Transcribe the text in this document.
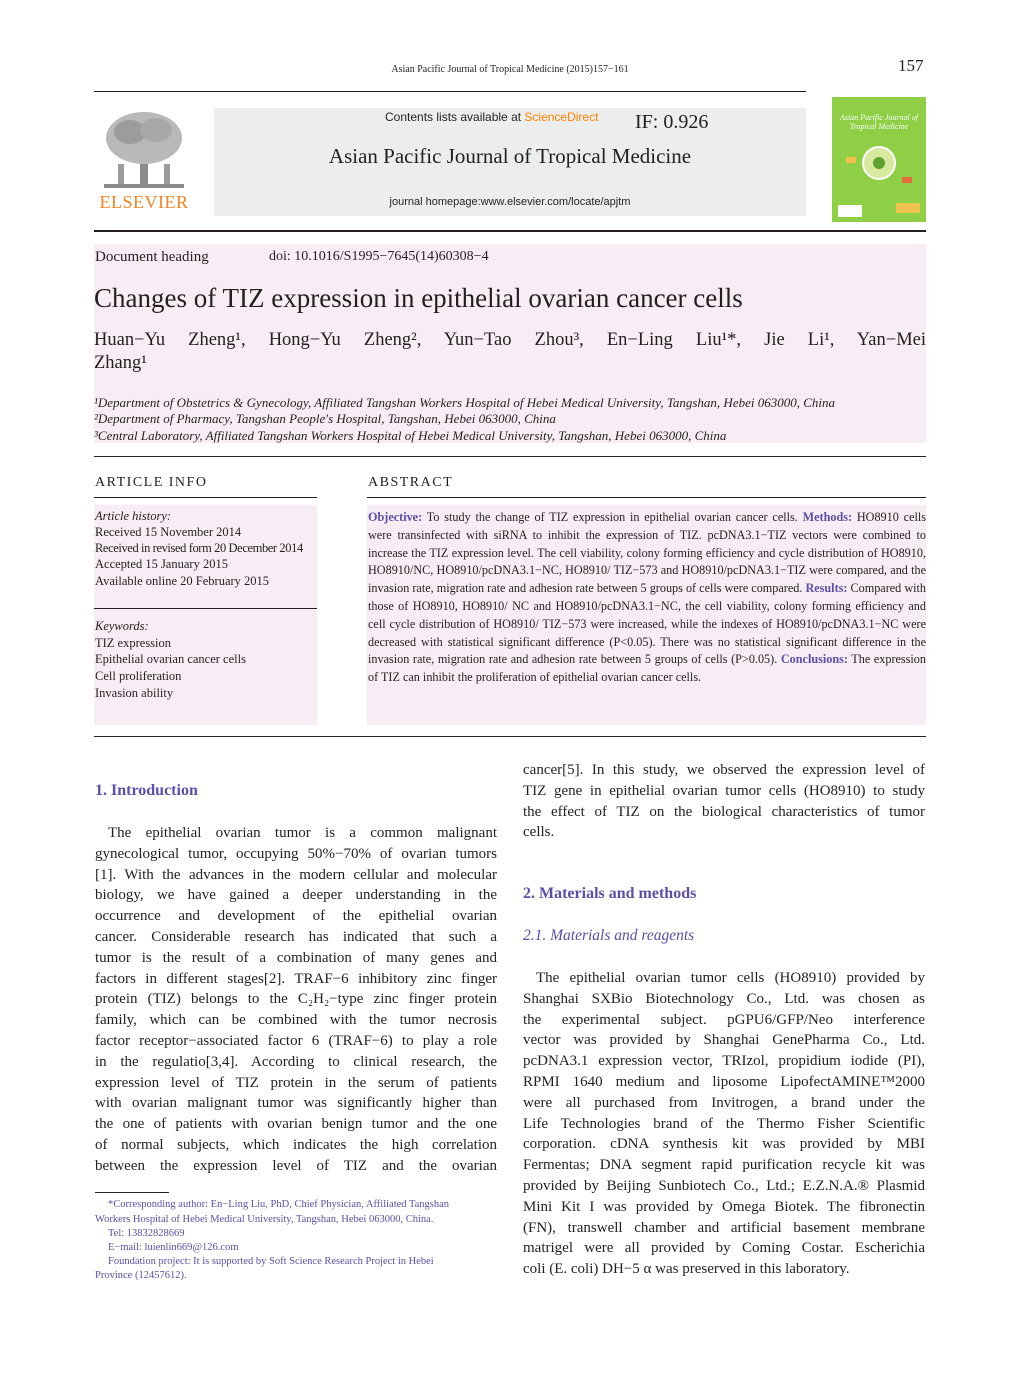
Asian Pacific Journal of Tropical Medicine (2015)157−161	157
ELSEVIER
Contents lists available at ScienceDirect IF: 0.926
Asian Pacific Journal of Tropical Medicine
journal homepage:www.elsevier.com/locate/apjtm
Asian Pacific Journal of Tropical Medicine
Document heading	doi: 10.1016/S1995−7645(14)60308−4
Changes of TIZ expression in epithelial ovarian cancer cells
Huan−Yu Zheng¹, Hong−Yu Zheng², Yun−Tao Zhou³, En−Ling Liu¹*, Jie Li¹, Yan−Mei
Zhang¹
¹Department of Obstetrics & Gynecology, Affiliated Tangshan Workers Hospital of Hebei Medical University, Tangshan, Hebei 063000, China
²Department of Pharmacy, Tangshan People′s Hospital, Tangshan, Hebei 063000, China
³Central Laboratory, Affiliated Tangshan Workers Hospital of Hebei Medical University, Tangshan, Hebei 063000, China
ARTICLE INFO
Article history:
Received 15 November 2014
Received in revised form 20 December 2014
Accepted 15 January 2015
Available online 20 February 2015
Keywords:
TIZ expression
Epithelial ovarian cancer cells
Cell proliferation
Invasion ability
ABSTRACT
Objective: To study the change of TIZ expression in epithelial ovarian cancer cells. Methods: HO8910 cells were transinfected with siRNA to inhibit the expression of TIZ. pcDNA3.1−TIZ vectors were combined to increase the TIZ expression level. The cell viability, colony forming efficiency and cycle distribution of HO8910, HO8910/NC, HO8910/pcDNA3.1−NC, HO8910/ TIZ−573 and HO8910/pcDNA3.1−TIZ were compared, and the invasion rate, migration rate and adhesion rate between 5 groups of cells were compared. Results: Compared with those of HO8910, HO8910/ NC and HO8910/pcDNA3.1−NC, the cell viability, colony forming efficiency and cell cycle distribution of HO8910/ TIZ−573 were increased, while the indexes of HO8910/pcDNA3.1−NC were decreased with statistical significant difference (P<0.05). There was no statistical significant difference in the invasion rate, migration rate and adhesion rate between 5 groups of cells (P>0.05). Conclusions: The expression of TIZ can inhibit the proliferation of epithelial ovarian cancer cells.
1. Introduction
The epithelial ovarian tumor is a common malignant
gynecological tumor, occupying 50%−70% of ovarian tumors
[1]. With the advances in the modern cellular and molecular
biology, we have gained a deeper understanding in the
occurrence and development of the epithelial ovarian
cancer. Considerable research has indicated that such a
tumor is the result of a combination of many genes and
factors in different stages[2]. TRAF−6 inhibitory zinc finger
protein (TIZ) belongs to the C₂H₂−type zinc finger protein
family, which can be combined with the tumor necrosis
factor receptor−associated factor 6 (TRAF−6) to play a role
in the regulatio[3,4]. According to clinical research, the
expression level of TIZ protein in the serum of patients
with ovarian malignant tumor was significantly higher than
the one of patients with ovarian benign tumor and the one
of normal subjects, which indicates the high correlation
between the expression level of TIZ and the ovarian
*Corresponding author: En−Ling Liu, PhD, Chief Physician, Affiliated Tangshan
Workers Hospital of Hebei Medical University, Tangshan, Hebei 063000, China.
Tel: 13832828669
E−mail: luienlin669@126.com
Foundation project: It is supported by Soft Science Research Project in Hebei
Province (12457612).
cancer[5]. In this study, we observed the expression level of
TIZ gene in epithelial ovarian tumor cells (HO8910) to study
the effect of TIZ on the biological characteristics of tumor
cells.
2. Materials and methods
2.1. Materials and reagents
The epithelial ovarian tumor cells (HO8910) provided by
Shanghai SXBio Biotechnology Co., Ltd. was chosen as
the experimental subject. pGPU6/GFP/Neo interference
vector was provided by Shanghai GenePharma Co., Ltd.
pcDNA3.1 expression vector, TRIzol, propidium iodide (PI),
RPMI 1640 medium and liposome LipofectAMINE™2000
were all purchased from Invitrogen, a brand under the
Life Technologies brand of the Thermo Fisher Scientific
corporation. cDNA synthesis kit was provided by MBI
Fermentas; DNA segment rapid purification recycle kit was
provided by Beijing Sunbiotech Co., Ltd.; E.Z.N.A.® Plasmid
Mini Kit I was provided by Omega Biotek. The fibronectin
(FN), transwell chamber and artificial basement membrane
matrigel were all provided by Coming Costar. Escherichia
coli (E. coli) DH−5 α was preserved in this laboratory.
